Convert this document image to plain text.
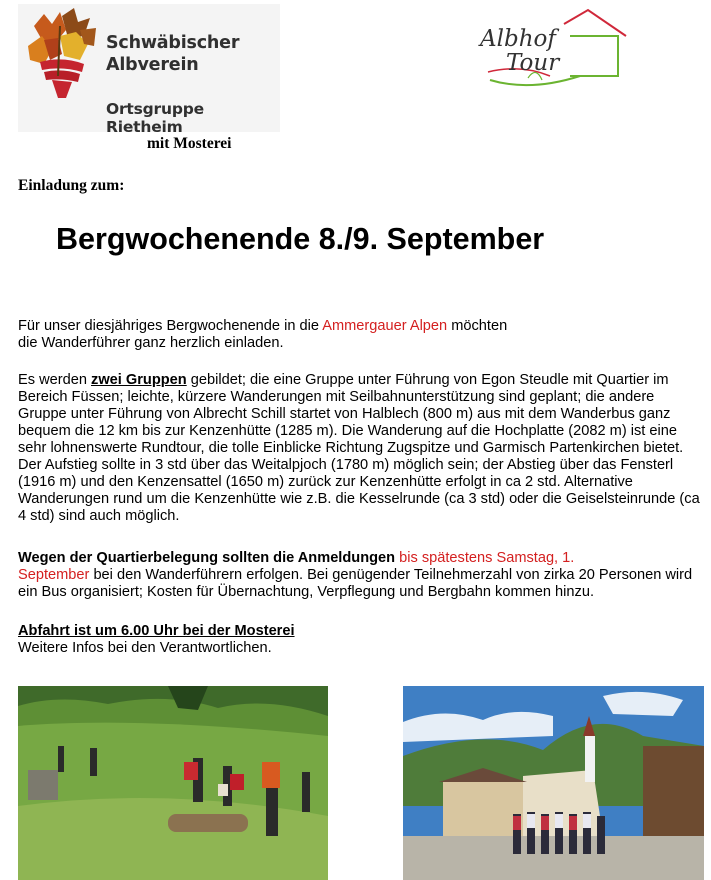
Schwäbischer
Albverein
Ortsgruppe Rietheim
Albhof
Tour
mit Mosterei
Einladung zum:
Bergwochenende 8./9. September
Für unser diesjähriges Bergwochenende in die Ammergauer Alpen möchten
die Wanderführer ganz herzlich einladen.
Es werden zwei Gruppen gebildet; die eine Gruppe unter Führung von Egon Steudle mit Quartier im Bereich Füssen; leichte, kürzere Wanderungen mit Seilbahnunterstützung sind geplant; die andere Gruppe unter Führung von Albrecht Schill startet von Halblech (800 m) aus mit dem Wanderbus ganz bequem die 12 km bis zur Kenzenhütte (1285 m). Die Wanderung auf die Hochplatte (2082 m) ist eine sehr lohnenswerte Rundtour, die tolle Einblicke Richtung Zugspitze und Garmisch Partenkirchen bietet. Der Aufstieg sollte in 3 std über das Weitalpjoch (1780 m) möglich sein; der Abstieg über das Fensterl (1916 m) und den Kenzensattel (1650 m) zurück zur Kenzenhütte erfolgt in ca 2 std. Alternative Wanderungen rund um die Kenzenhütte wie z.B. die Kesselrunde (ca 3 std) oder die Geiselsteinrunde (ca 4 std) sind auch möglich.
Wegen der Quartierbelegung sollten die Anmeldungen bis spätestens Samstag, 1.
September bei den Wanderführern erfolgen. Bei genügender Teilnehmerzahl von zirka 20 Personen wird ein Bus organisiert; Kosten für Übernachtung, Verpflegung und Bergbahn kommen hinzu.
Abfahrt ist um 6.00 Uhr bei der Mosterei
Weitere Infos bei den Verantwortlichen.
